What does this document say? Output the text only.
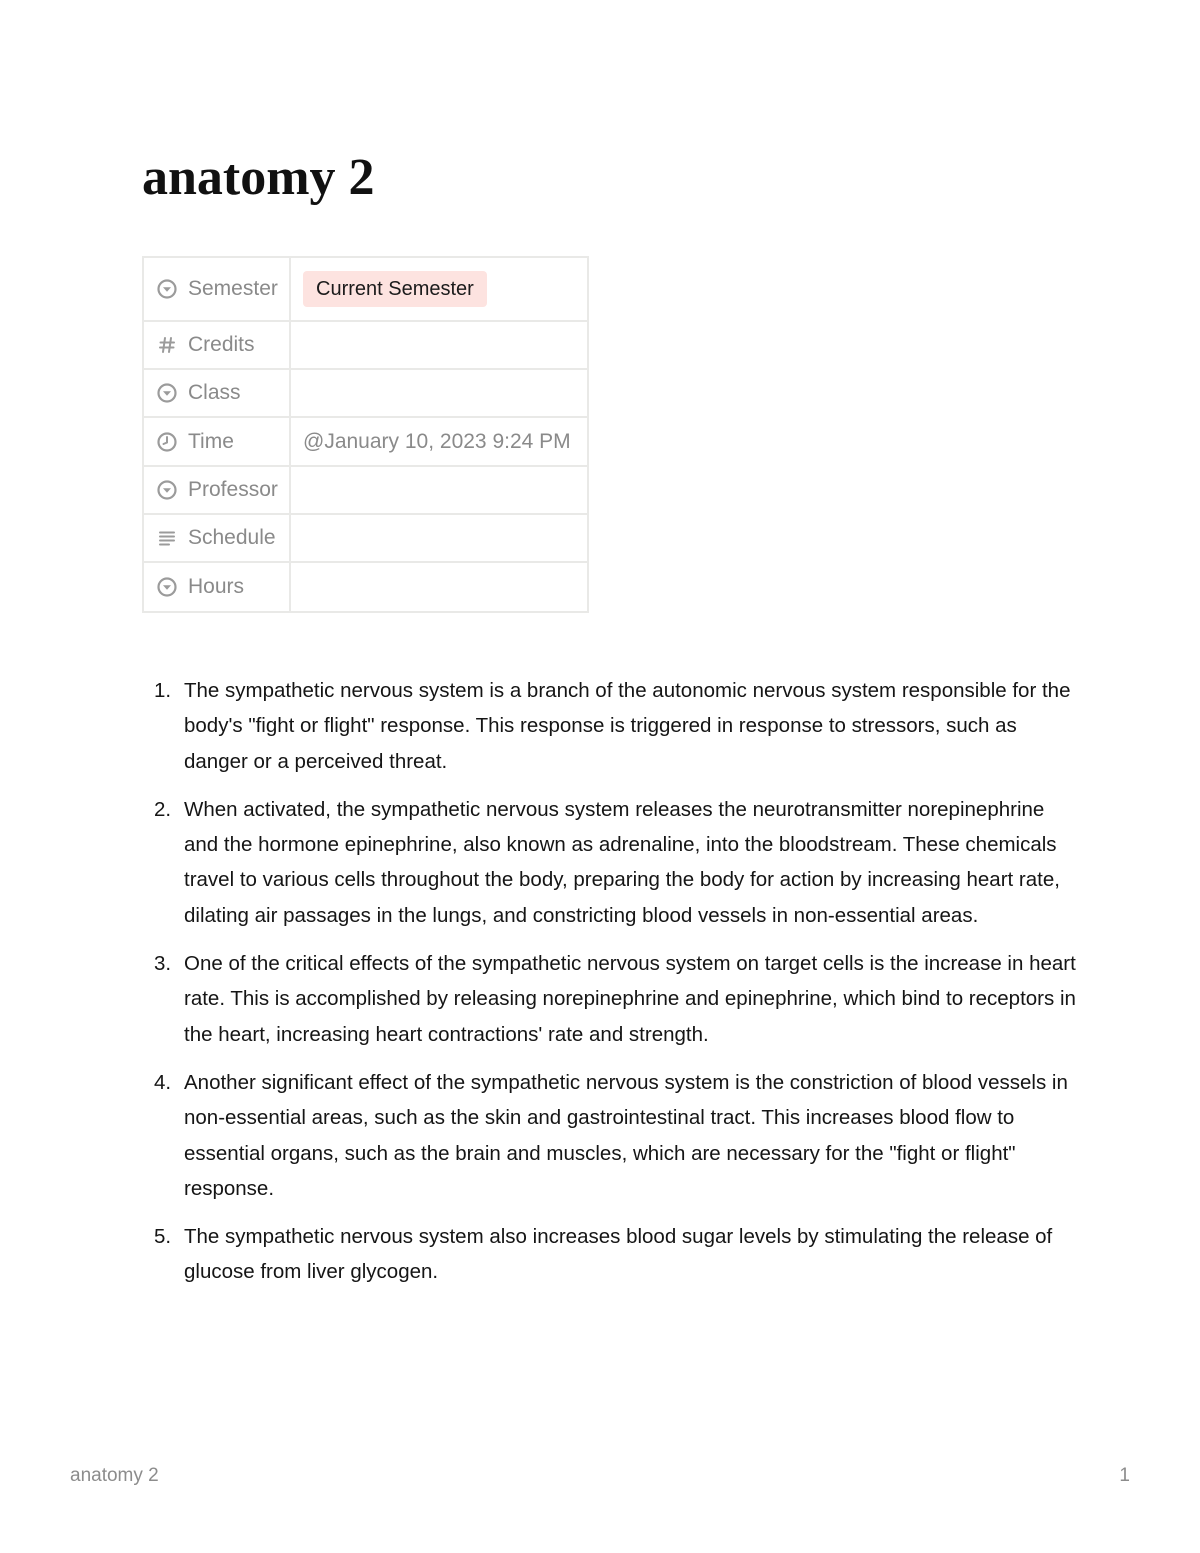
anatomy 2
Semester	Current Semester

Credits	

Class	

Time	@January 10, 2023 9:24 PM

Professor	

Schedule	

Hours	

1. The sympathetic nervous system is a branch of the autonomic nervous system responsible for the body's "fight or flight" response. This response is triggered in response to stressors, such as danger or a perceived threat.
2. When activated, the sympathetic nervous system releases the neurotransmitter norepinephrine and the hormone epinephrine, also known as adrenaline, into the bloodstream. These chemicals travel to various cells throughout the body, preparing the body for action by increasing heart rate, dilating air passages in the lungs, and constricting blood vessels in non-essential areas.
3. One of the critical effects of the sympathetic nervous system on target cells is the increase in heart rate. This is accomplished by releasing norepinephrine and epinephrine, which bind to receptors in the heart, increasing heart contractions' rate and strength.
4. Another significant effect of the sympathetic nervous system is the constriction of blood vessels in non-essential areas, such as the skin and gastrointestinal tract. This increases blood flow to essential organs, such as the brain and muscles, which are necessary for the "fight or flight" response.
5. The sympathetic nervous system also increases blood sugar levels by stimulating the release of glucose from liver glycogen.
anatomy 2	1
